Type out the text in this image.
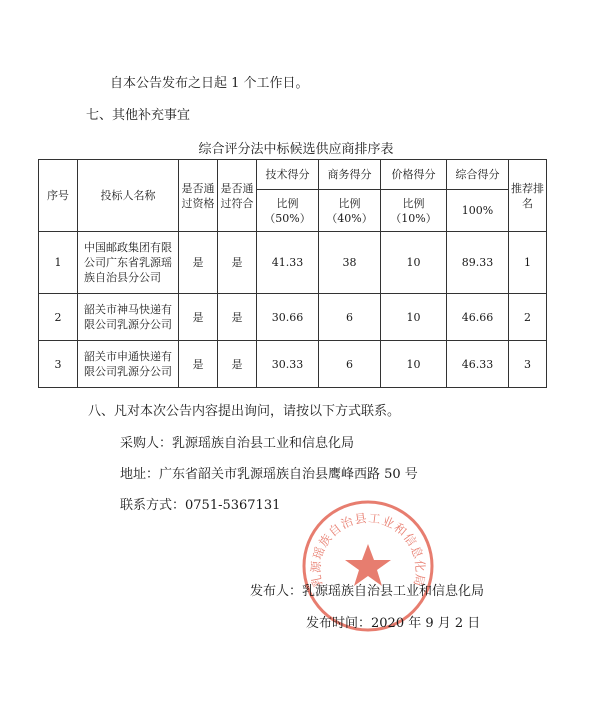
自本公告发布之日起 1 个工作日。
七、其他补充事宜
综合评分法中标候选供应商排序表
序号	投标人名称	是否通过资格	是否通过符合	技术得分	商务得分	价格得分	综合得分	推荐排名
				比例（50%）	比例（40%）	比例（10%）	100%	
1	中国邮政集团有限公司广东省乳源瑶族自治县分公司	是	是	41.33	38	10	89.33	1
2	韶关市神马快递有限公司乳源分公司	是	是	30.66	6	10	46.66	2
3	韶关市申通快递有限公司乳源分公司	是	是	30.33	6	10	46.33	3
八、凡对本次公告内容提出询问，请按以下方式联系。
采购人：乳源瑶族自治县工业和信息化局
地址：广东省韶关市乳源瑶族自治县鹰峰西路 50 号
联系方式：0751-5367131
乳源瑶族自治县工业和信息化局
发布人：乳源瑶族自治县工业和信息化局
发布时间：2020 年 9 月 2 日
